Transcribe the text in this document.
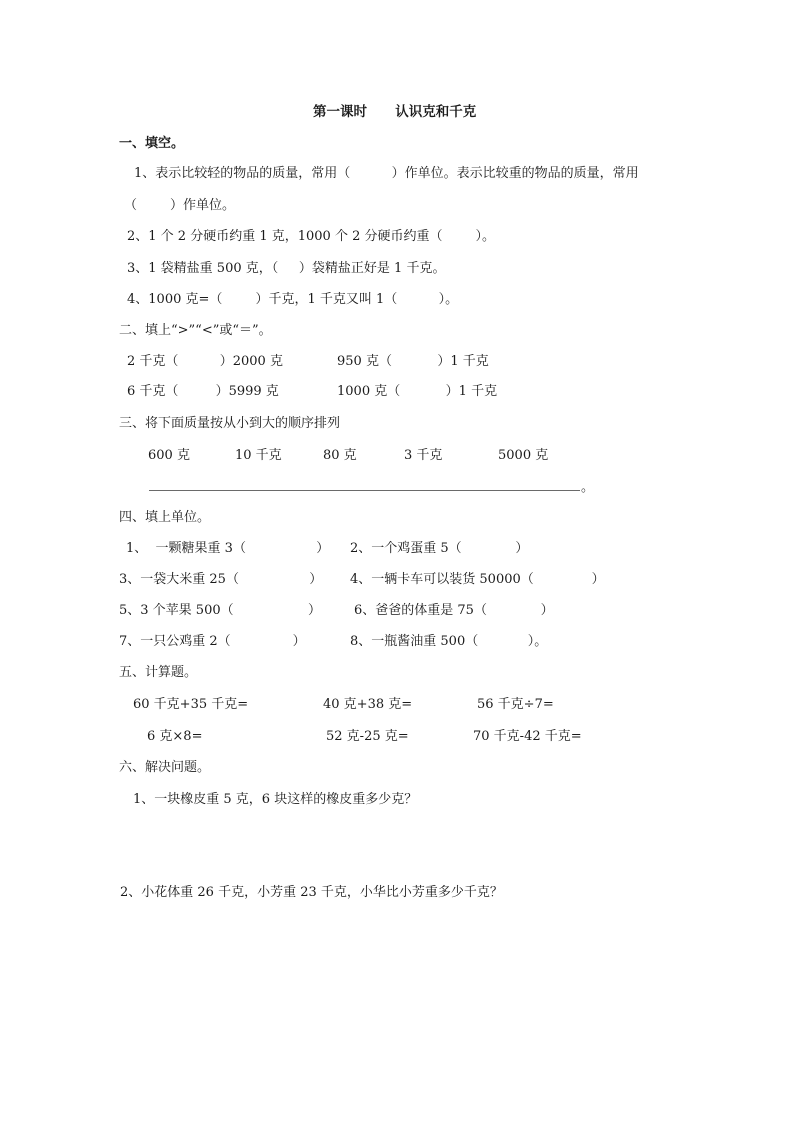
第一课时      认识克和千克
一、填空。
1、表示比较轻的物品的质量，常用（          ）作单位。表示比较重的物品的质量，常用
（        ）作单位。
2、1 个 2 分硬币约重 1 克，1000 个 2 分硬币约重（        ）。
3、1 袋精盐重 500 克，（     ）袋精盐正好是 1 千克。
4、1000 克=（        ）千克，1 千克又叫 1（          ）。
二、填上“>”“<”或“＝”。
2 千克（          ）2000 克	950 克（           ）1 千克
6 千克（         ）5999 克	1000 克（           ）1 千克
三、将下面质量按从小到大的顺序排列
600 克	10 千克	80 克	3 千克	5000 克
。
四、填上单位。
1、  一颗糖果重 3（                 ） 2、一个鸡蛋重 5（             ）
3、一袋大米重 25（                 ） 4、一辆卡车可以装货 50000（              ）
5、3 个苹果 500（                  ）	6、爸爸的体重是 75（             ）
7、一只公鸡重 2（               ）	8、一瓶酱油重 500（            ）。
五、计算题。
60 千克+35 千克=	40 克+38 克=	56 千克÷7=
6 克×8=	52 克-25 克=	70 千克-42 千克=
六、解决问题。
1、一块橡皮重 5 克，6 块这样的橡皮重多少克？
2、小花体重 26 千克，小芳重 23 千克，小华比小芳重多少千克？
